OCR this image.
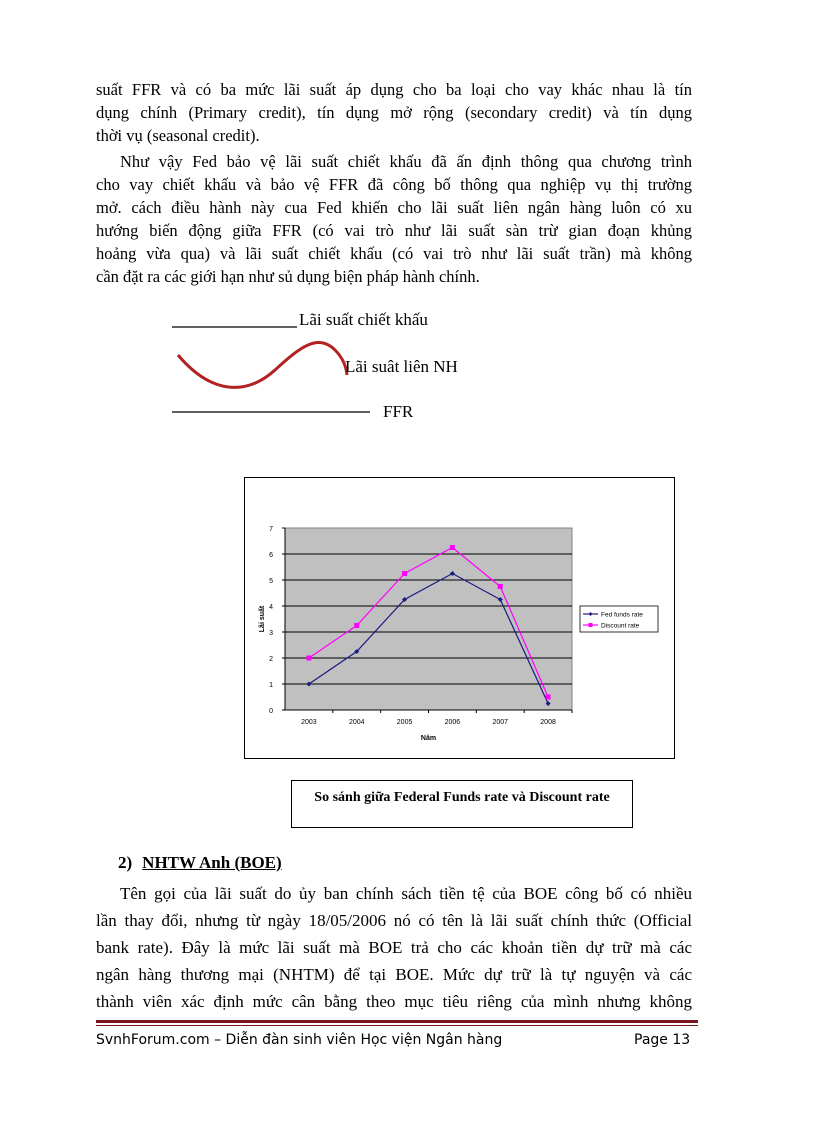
suất FFR và có ba mức lãi suất áp dụng cho ba loại cho vay khác nhau là tín
dụng chính (Primary credit), tín dụng mở rộng (secondary credit) và tín dụng
thời vụ (seasonal credit).
Như vậy Fed bảo vệ lãi suất chiết khấu đã ấn định thông qua chương trình
cho vay chiết khấu và bảo vệ FFR đã công bố thông qua nghiệp vụ thị trường
mở. cách điều hành này cua Fed khiến cho lãi suất liên ngân hàng luôn có xu
hướng biến động giữa FFR (có vai trò như lãi suất sàn trừ gian đoạn khủng
hoảng vừa qua) và lãi suất chiết khấu (có vai trò như lãi suất trần) mà không
cần đặt ra các giới hạn như sủ dụng biện pháp hành chính.
Lãi suất chiết khấu
Lãi suât liên NH
FFR
0
1
2
3
4
5
6
7
2003	2004	2005	2006	2007	2008
Năm
Lãi suất	Fed funds rate
Discount rate
So sánh giữa Federal Funds rate và Discount rate
2) NHTW Anh (BOE)
Tên gọi của lãi suất do ủy ban chính sách tiền tệ của BOE công bố có nhiều
lần thay đổi, nhưng từ ngày 18/05/2006 nó có tên là lãi suất chính thức (Official
bank rate). Đây là mức lãi suất mà BOE trả cho các khoản tiền dự trữ mà các
ngân hàng thương mại (NHTM) để tại BOE. Mức dự trữ là tự nguyện và các
thành viên xác định mức cân bằng theo mục tiêu riêng của mình nhưng không
SvnhForum.com – Diễn đàn sinh viên Học viện Ngân hàng	Page 13
